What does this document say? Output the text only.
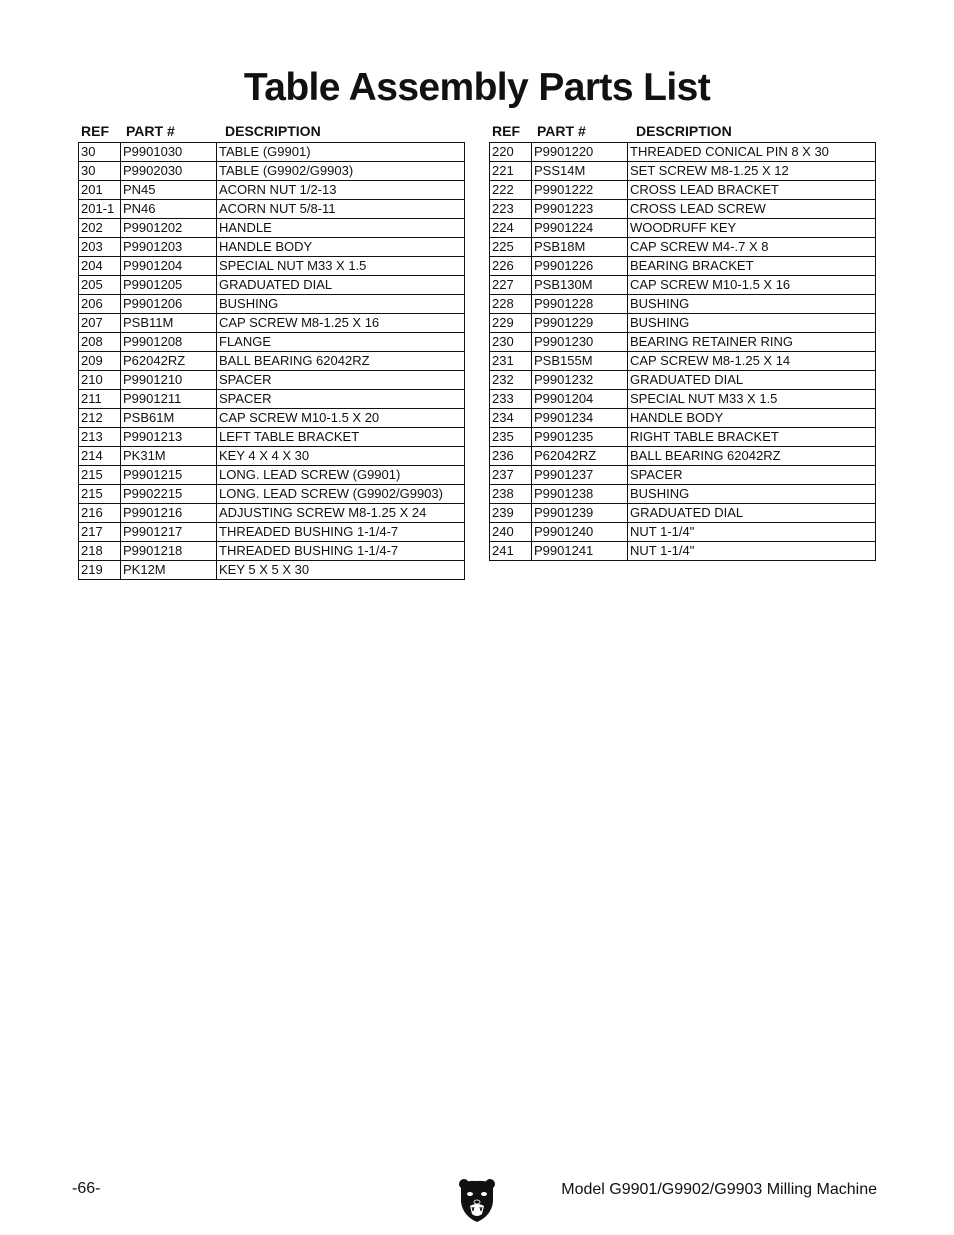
Table Assembly Parts List
REF	PART #	DESCRIPTION
30	P9901030	TABLE (G9901)
30	P9902030	TABLE (G9902/G9903)
201	PN45	ACORN NUT 1/2-13
201-1	PN46	ACORN NUT 5/8-11
202	P9901202	HANDLE
203	P9901203	HANDLE BODY
204	P9901204	SPECIAL NUT M33 X 1.5
205	P9901205	GRADUATED DIAL
206	P9901206	BUSHING
207	PSB11M	CAP SCREW M8-1.25 X 16
208	P9901208	FLANGE
209	P62042RZ	BALL BEARING 62042RZ
210	P9901210	SPACER
211	P9901211	SPACER
212	PSB61M	CAP SCREW M10-1.5 X 20
213	P9901213	LEFT TABLE BRACKET
214	PK31M	KEY 4 X 4 X 30
215	P9901215	LONG. LEAD SCREW (G9901)
215	P9902215	LONG. LEAD SCREW (G9902/G9903)
216	P9901216	ADJUSTING SCREW M8-1.25 X 24
217	P9901217	THREADED BUSHING 1-1/4-7
218	P9901218	THREADED BUSHING 1-1/4-7
219	PK12M	KEY 5 X 5 X 30
REF	PART #	DESCRIPTION
220	P9901220	THREADED CONICAL PIN 8 X 30
221	PSS14M	SET SCREW M8-1.25 X 12
222	P9901222	CROSS LEAD BRACKET
223	P9901223	CROSS LEAD SCREW
224	P9901224	WOODRUFF KEY
225	PSB18M	CAP SCREW M4-.7 X 8
226	P9901226	BEARING BRACKET
227	PSB130M	CAP SCREW M10-1.5 X 16
228	P9901228	BUSHING
229	P9901229	BUSHING
230	P9901230	BEARING RETAINER RING
231	PSB155M	CAP SCREW M8-1.25 X 14
232	P9901232	GRADUATED DIAL
233	P9901204	SPECIAL NUT M33 X 1.5
234	P9901234	HANDLE BODY
235	P9901235	RIGHT TABLE BRACKET
236	P62042RZ	BALL BEARING 62042RZ
237	P9901237	SPACER
238	P9901238	BUSHING
239	P9901239	GRADUATED DIAL
240	P9901240	NUT 1-1/4"
241	P9901241	NUT 1-1/4"
-66-	Model G9901/G9902/G9903 Milling Machine
